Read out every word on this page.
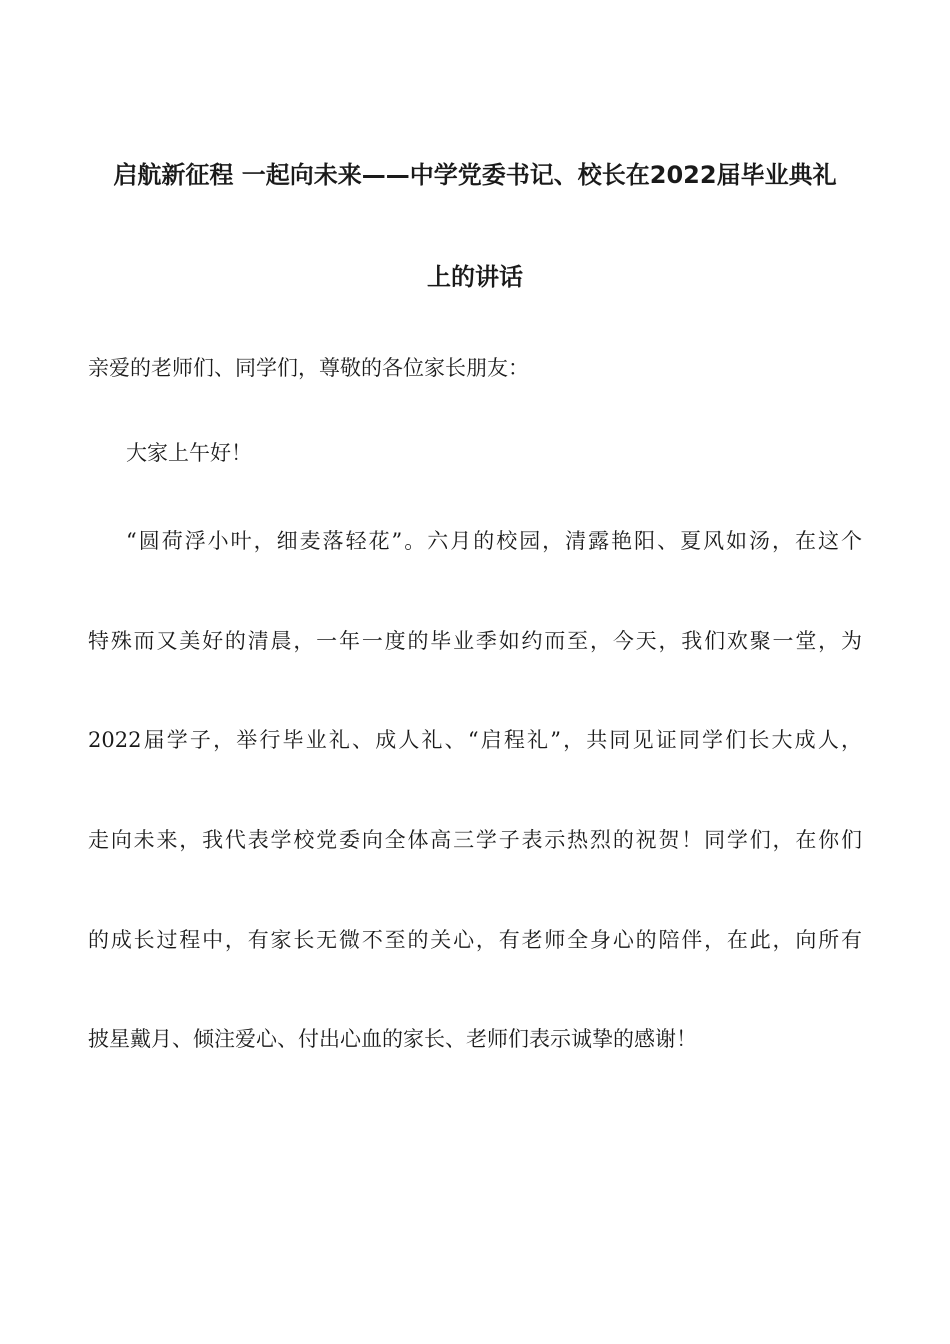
启航新征程 一起向未来——中学党委书记、校长在2022届毕业典礼
上的讲话
亲爱的老师们、同学们，尊敬的各位家长朋友：
大家上午好！
“圆荷浮小叶，细麦落轻花”。六月的校园，清露艳阳、夏风如汤，在这个
特殊而又美好的清晨，一年一度的毕业季如约而至，今天，我们欢聚一堂，为
2022届学子，举行毕业礼、成人礼、“启程礼”，共同见证同学们长大成人，
走向未来，我代表学校党委向全体高三学子表示热烈的祝贺！同学们，在你们
的成长过程中，有家长无微不至的关心，有老师全身心的陪伴，在此，向所有
披星戴月、倾注爱心、付出心血的家长、老师们表示诚挚的感谢！
